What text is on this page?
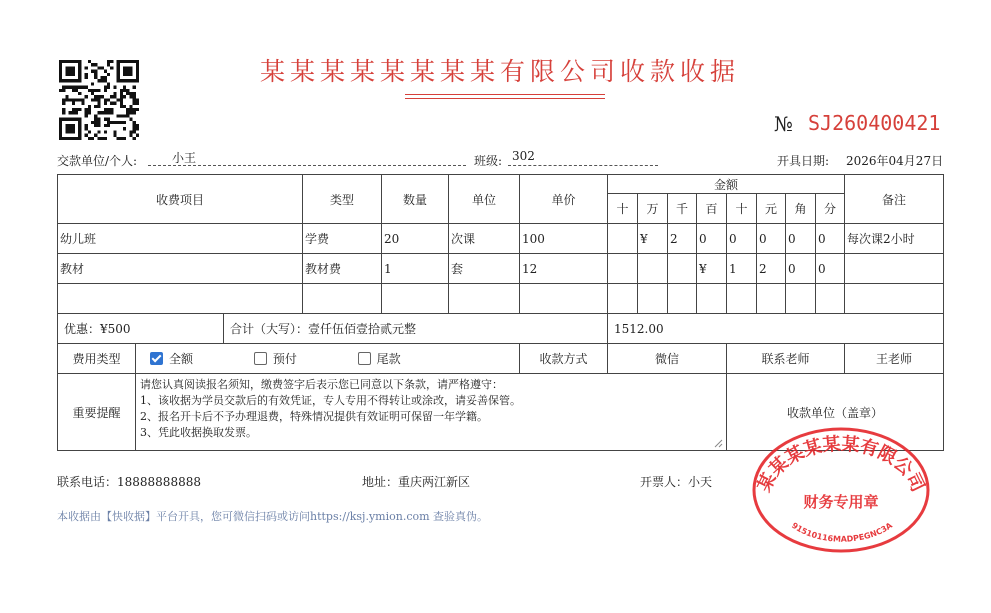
某某某某某某某某有限公司收款收据
№ SJ260400421
交款单位/个人:	小王	班级: 302	开具日期: 2026年04月27日
收费项目			类型	数量	单位	单价	金额								备注
							十	万	千	百	十	元	角	分	
幼儿班			学费	20	次课	100		¥	2	0	0	0	0	0	每次课2小时
教材			教材费	1	套	12				¥	1	2	0	0	

优惠：¥500		合计（大写）：壹仟伍佰壹拾贰元整					1512.00								
费用类型	全额 预付 尾款					收款方式	微信				联系老师				王老师
重要提醒	请您认真阅读报名须知，缴费签字后表示您已同意以下条款，请严格遵守：
1、该收据为学员交款后的有效凭证，专人专用不得转让或涂改，请妥善保管。
2、报名开卡后不予办理退费，特殊情况提供有效证明可保留一年学籍。
3、凭此收据换取发票。										收款单位（盖章）				
联系电话：18888888888	地址：重庆两江新区	开票人：小天
本收据由【快收据】平台开具，您可微信扫码或访问https://ksj.ymion.com 查验真伪。
某某某某某某有限公司
财务专用章
91510116MADPEGNC3A
